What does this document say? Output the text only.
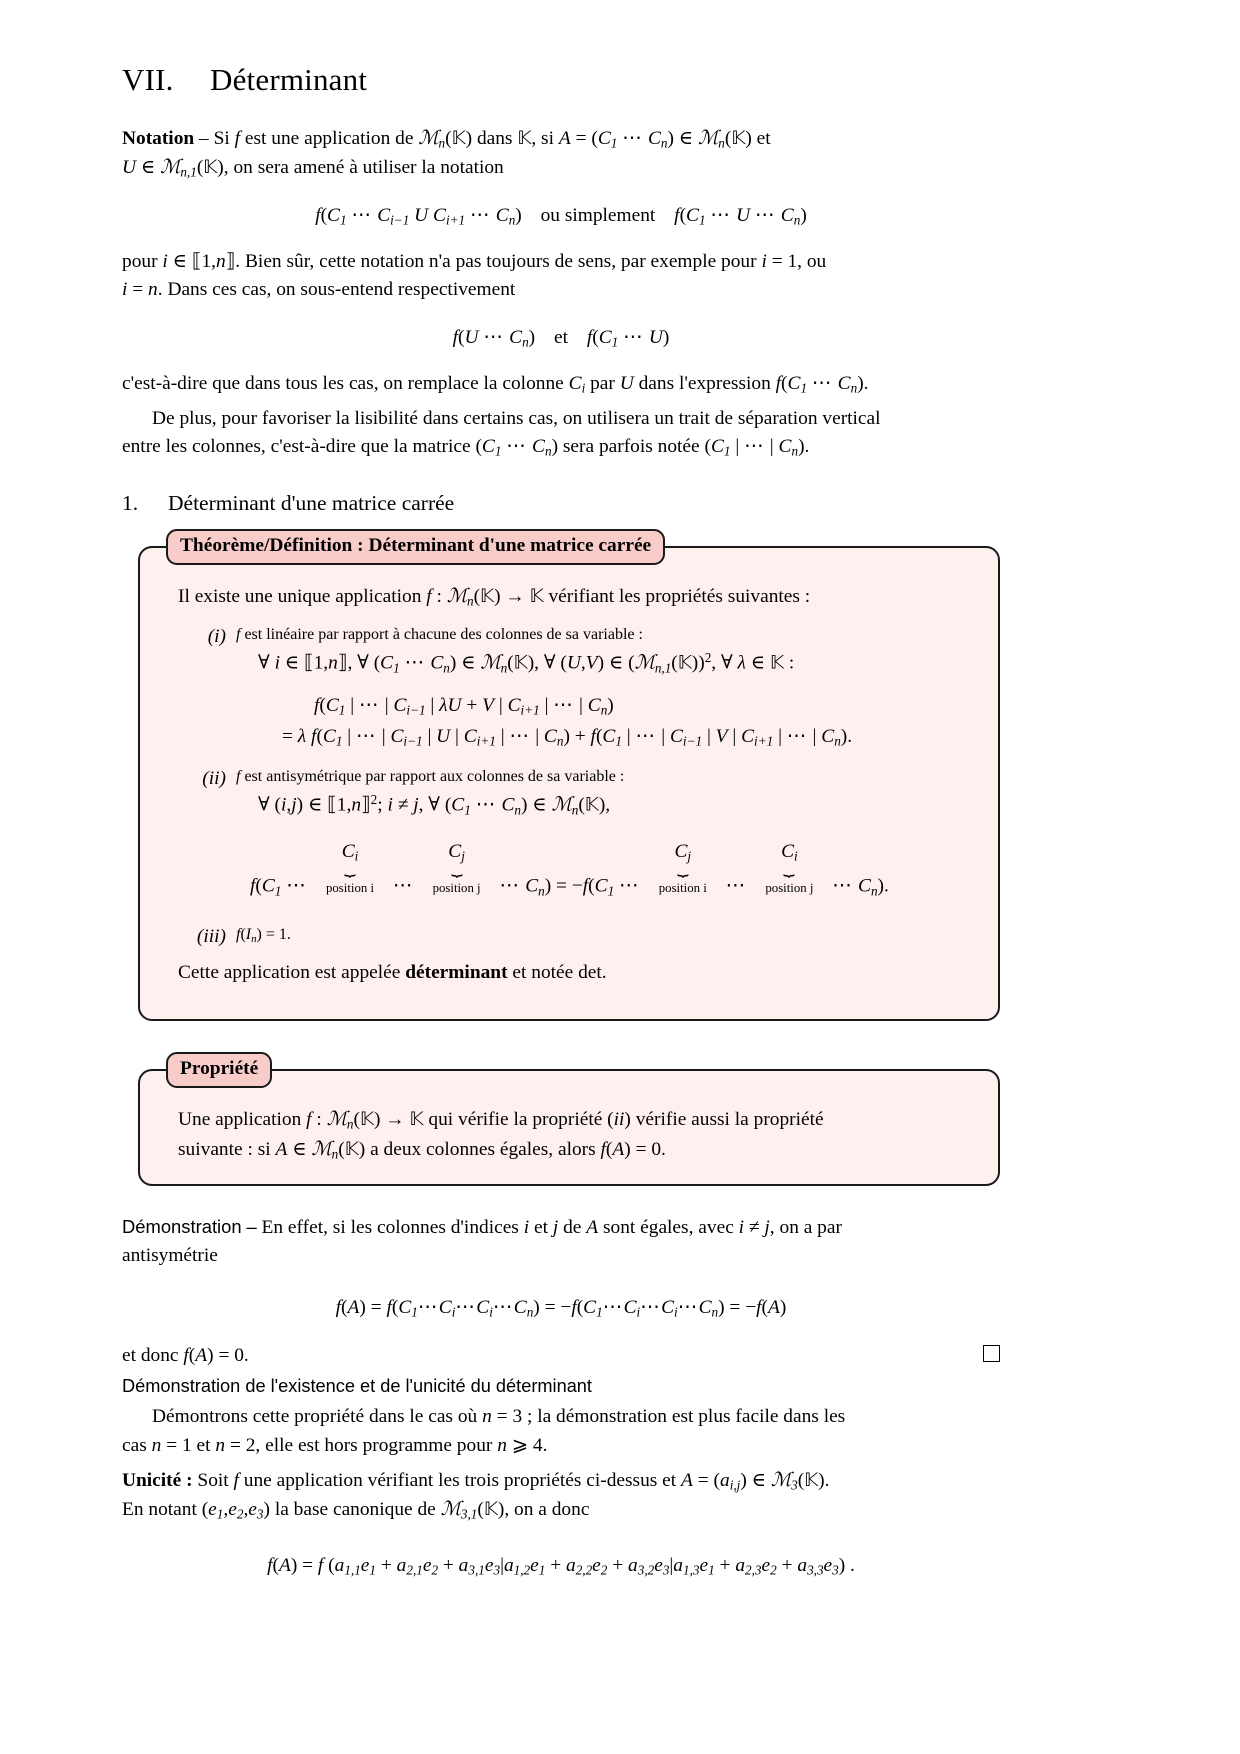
VII. Déterminant

Notation – Si f est une application de ℳ$_n$(𝕂) dans 𝕂, si $A = (C_1$ ⋯ $C_n$) ∈ ℳ$_n$(𝕂) et
U ∈ ℳ$_{n,1}$(𝕂), on sera amené à utiliser la notation

$f(C_1$ ⋯ $C_{i-1}$ U $C_{i+1}$ ⋯ $C_n$) ou simplement $f(C_1$ ⋯ U ⋯ $C_n$)

pour i ∈ ⟦1,n⟧. Bien sûr, cette notation n'a pas toujours de sens, par exemple pour i = 1, ou
i = n. Dans ces cas, on sous-entend respectivement

f(U ⋯ $C_n$) et $f(C_1$ ⋯ U)

c'est-à-dire que dans tous les cas, on remplace la colonne $C_i$ par U dans l'expression $f(C_1$ ⋯ $C_n$).

De plus, pour favoriser la lisibilité dans certains cas, on utilisera un trait de séparation vertical
entre les colonnes, c'est-à-dire que la matrice ($C_1$ ⋯ $C_n$) sera parfois notée ($C_1$ | ⋯ | $C_n$).

1. Déterminant d'une matrice carrée
Théorème/Définition : Déterminant d'une matrice carrée

Il existe une unique application f : ℳ$_n$(𝕂) → 𝕂 vérifiant les propriétés suivantes :

(i) f est linéaire par rapport à chacune des colonnes de sa variable :
∀ i ∈ ⟦1,n⟧, ∀ ($C_1$ ⋯ $C_n$) ∈ ℳ$_n$(𝕂), ∀ (U,V) ∈ (ℳ$_{n,1}$(𝕂))$^2$, ∀ λ ∈ 𝕂 :
$f(C_1$ | ⋯ | $C_{i-1}$ | λU + V | $C_{i+1}$ | ⋯ | $C_n$)
= λ $f(C_1$ | ⋯ | $C_{i-1}$ | U | $C_{i+1}$ | ⋯ | $C_n) + f(C_1$ | ⋯ | $C_{i-1}$ | V | $C_{i+1}$ | ⋯ | $C_n$).
(ii) f est antisymétrique par rapport aux colonnes de sa variable :
∀ (i,j) ∈ ⟦1,n⟧$^2$; i ≠ j, ∀ ($C_1$ ⋯ $C_n$) ∈ ℳ$_n$(𝕂),
$f(C_1$ ⋯
$C_i$
⏟
position i ⋯
$C_j$
⏟
position j ⋯ $C_n) = -f(C_1$ ⋯
$C_j$
⏟
position i ⋯
$C_i$
⏟
position j ⋯ $C_n$).
(iii) $f(I_n) = 1$.

Cette application est appelée déterminant et notée det.

Propriété

Une application f : ℳ$_n$(𝕂) → 𝕂 qui vérifie la propriété (ii) vérifie aussi la propriété
suivante : si A ∈ ℳ$_n$(𝕂) a deux colonnes égales, alors f(A) = 0.

Démonstration – En effet, si les colonnes d'indices i et j de A sont égales, avec i ≠ j, on a par
antisymétrie

$f(A) = f(C_1\cdots C_i\cdots C_i\cdots C_n)$ = $-f(C_1\cdots C_i\cdots C_i\cdots C_n) = -f(A)$

et donc f(A) = 0.

Démonstration de l'existence et de l'unicité du déterminant

Démontrons cette propriété dans le cas où n = 3 ; la démonstration est plus facile dans les
cas n = 1 et n = 2, elle est hors programme pour n ⩾ 4.

Unicité : Soit f une application vérifiant les trois propriétés ci-dessus et $A = (a_{i,j})$ ∈ ℳ$_3$(𝕂).
En notant $(e_1,e_2,e_3)$ la base canonique de ℳ$_{3,1}$(𝕂), on a donc

f(A) = f $(a_{1,1}e_1 + a_{2,1}e_2 + a_{3,1}e_3|a_{1,2}e_1 + a_{2,2}e_2 + a_{3,2}e_3|a_{1,3}e_1 + a_{2,3}e_2 + a_{3,3}e_3)$ .
